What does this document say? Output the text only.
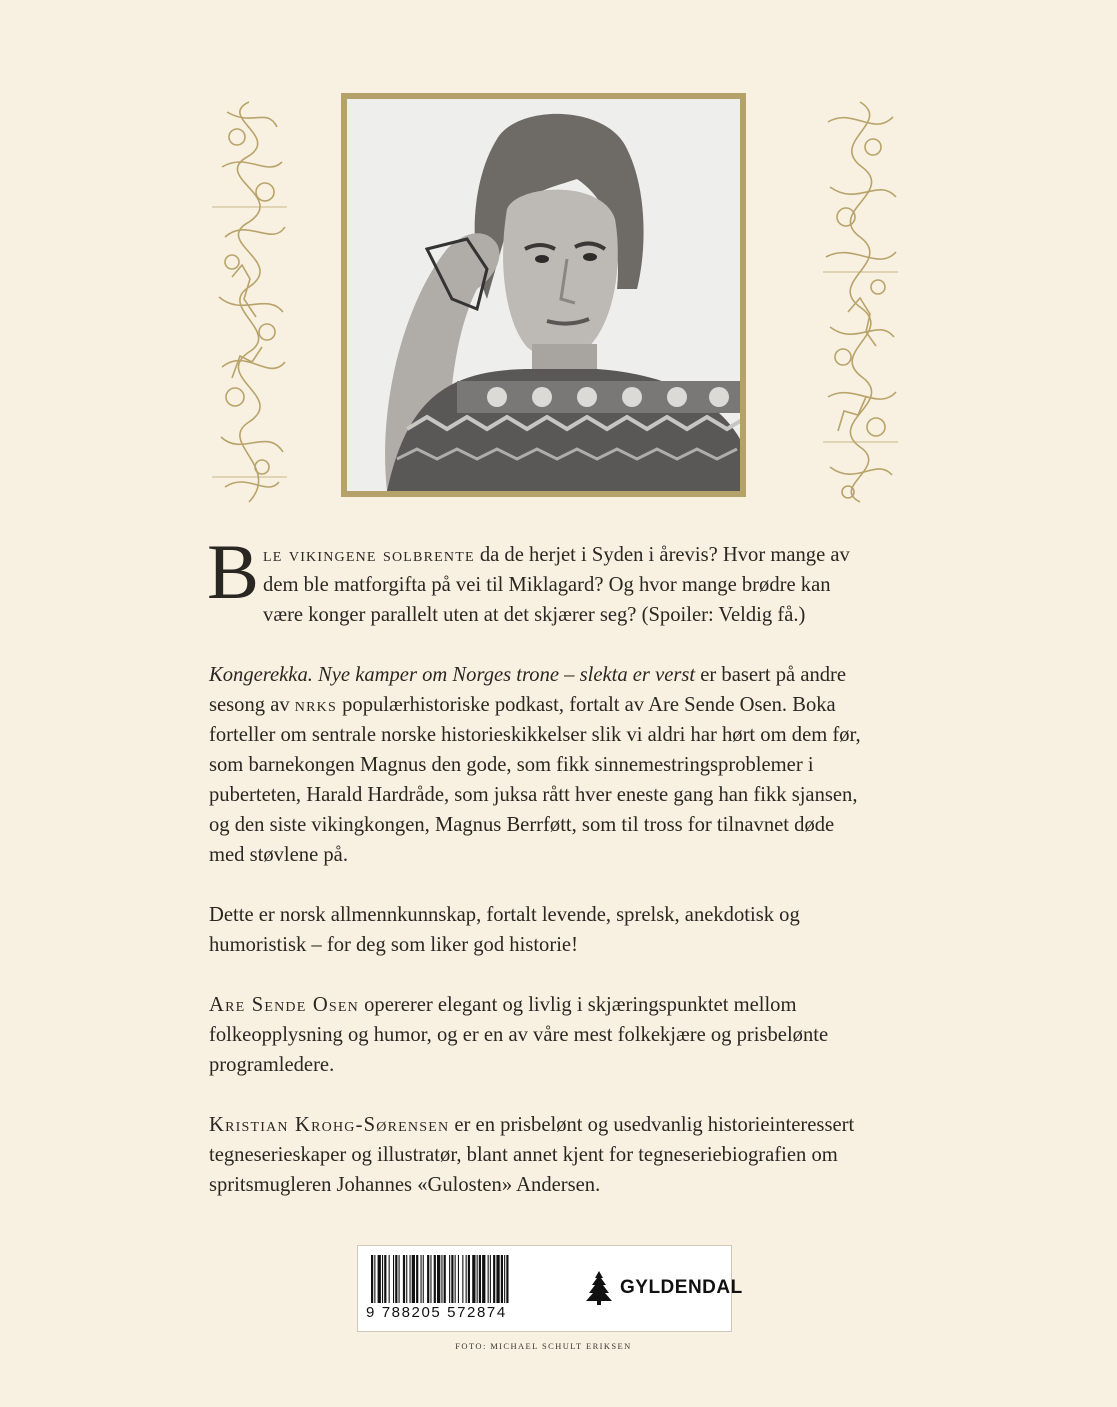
Ble vikingene solbrente da de herjet i Syden i årevis? Hvor mange av dem ble matforgifta på vei til Miklagard? Og hvor mange brødre kan være konger parallelt uten at det skjærer seg? (Spoiler: Veldig få.)

Kongerekka. Nye kamper om Norges trone – slekta er verst er basert på andre sesong av nrks populærhistoriske podkast, fortalt av Are Sende Osen. Boka forteller om sentrale norske historieskikkelser slik vi aldri har hørt om dem før, som barnekongen Magnus den gode, som fikk sinnemestringsproblemer i puberteten, Harald Hardråde, som juksa rått hver eneste gang han fikk sjansen, og den siste vikingkongen, Magnus Berrføtt, som til tross for tilnavnet døde med støvlene på.

Dette er norsk allmennkunnskap, fortalt levende, sprelsk, anekdotisk og humoristisk – for deg som liker god historie!

Are Sende Osen opererer elegant og livlig i skjæringspunktet mellom folkeopplysning og humor, og er en av våre mest folkekjære og prisbelønte programledere.

Kristian Krohg-Sørensen er en prisbelønt og usedvanlig historieinteressert tegneserieskaper og illustratør, blant annet kjent for tegneseriebiografien om spritsmugleren Johannes «Gulosten» Andersen.

9 788205 572874
GYLDENDAL
FOTO: MICHAEL SCHULT ERIKSEN
